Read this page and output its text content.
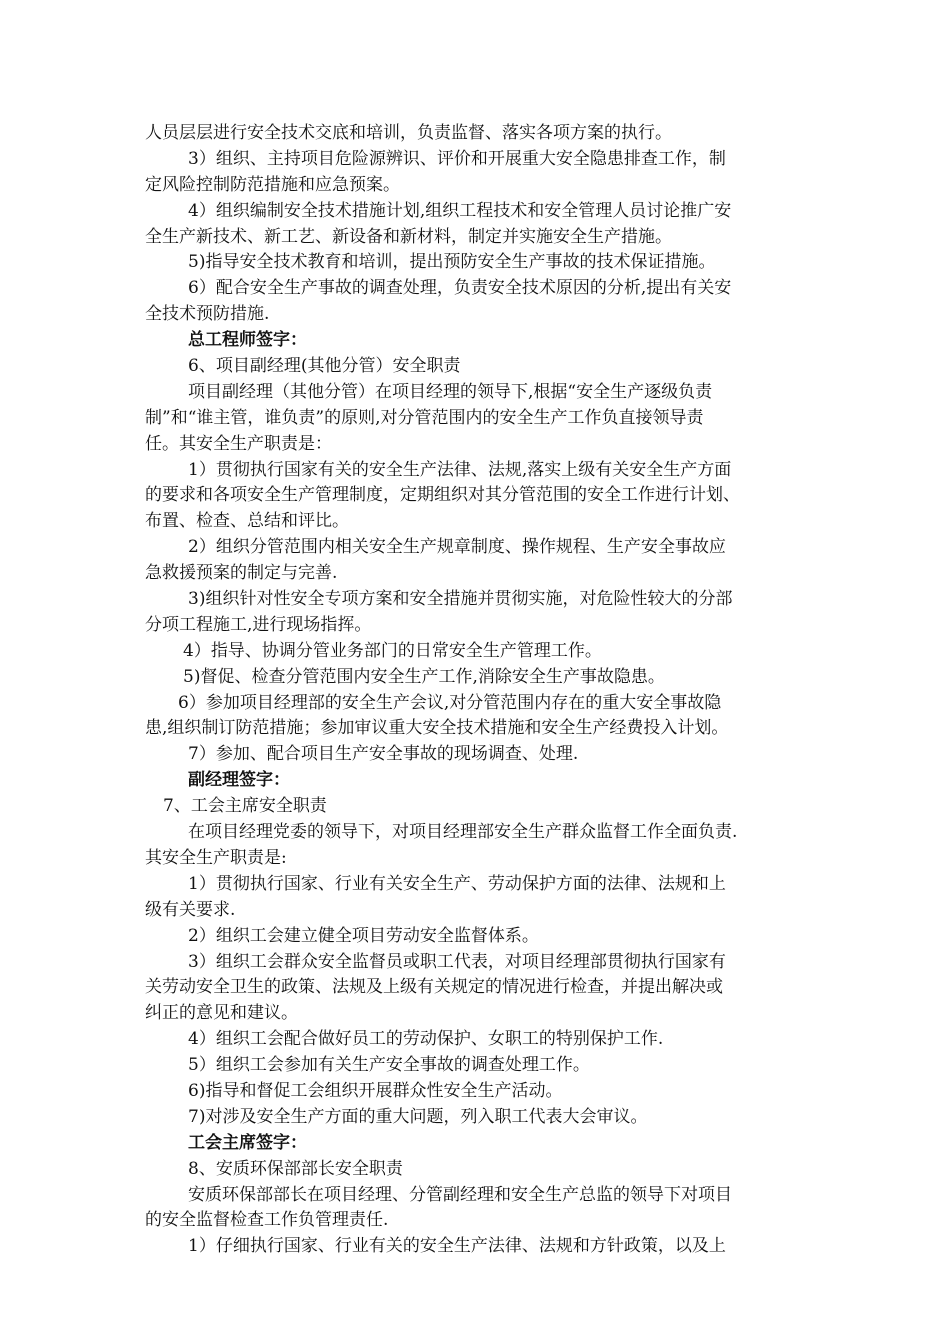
人员层层进行安全技术交底和培训，负责监督、落实各项方案的执行。
3）组织、主持项目危险源辨识、评价和开展重大安全隐患排查工作，制
定风险控制防范措施和应急预案。
4）组织编制安全技术措施计划,组织工程技术和安全管理人员讨论推广安
全生产新技术、新工艺、新设备和新材料，制定并实施安全生产措施。
5)指导安全技术教育和培训，提出预防安全生产事故的技术保证措施。
6）配合安全生产事故的调查处理，负责安全技术原因的分析,提出有关安
全技术预防措施.
总工程师签字：
6、项目副经理(其他分管）安全职责
项目副经理（其他分管）在项目经理的领导下,根据“安全生产逐级负责
制”和“谁主管，谁负责”的原则,对分管范围内的安全生产工作负直接领导责
任。其安全生产职责是：
1）贯彻执行国家有关的安全生产法律、法规,落实上级有关安全生产方面
的要求和各项安全生产管理制度，定期组织对其分管范围的安全工作进行计划、
布置、检查、总结和评比。
2）组织分管范围内相关安全生产规章制度、操作规程、生产安全事故应
急救援预案的制定与完善.
3)组织针对性安全专项方案和安全措施并贯彻实施，对危险性较大的分部
分项工程施工,进行现场指挥。
4）指导、协调分管业务部门的日常安全生产管理工作。
5)督促、检查分管范围内安全生产工作,消除安全生产事故隐患。
6）参加项目经理部的安全生产会议,对分管范围内存在的重大安全事故隐
患,组织制订防范措施；参加审议重大安全技术措施和安全生产经费投入计划。
7）参加、配合项目生产安全事故的现场调查、处理.
副经理签字：
7、工会主席安全职责
在项目经理党委的领导下，对项目经理部安全生产群众监督工作全面负责.
其安全生产职责是:
1）贯彻执行国家、行业有关安全生产、劳动保护方面的法律、法规和上
级有关要求.
2）组织工会建立健全项目劳动安全监督体系。
3）组织工会群众安全监督员或职工代表，对项目经理部贯彻执行国家有
关劳动安全卫生的政策、法规及上级有关规定的情况进行检查，并提出解决或
纠正的意见和建议。
4）组织工会配合做好员工的劳动保护、女职工的特别保护工作.
5）组织工会参加有关生产安全事故的调查处理工作。
6)指导和督促工会组织开展群众性安全生产活动。
7)对涉及安全生产方面的重大问题，列入职工代表大会审议。
工会主席签字：
8、安质环保部部长安全职责
安质环保部部长在项目经理、分管副经理和安全生产总监的领导下对项目
的安全监督检查工作负管理责任.
1）仔细执行国家、行业有关的安全生产法律、法规和方针政策，以及上
